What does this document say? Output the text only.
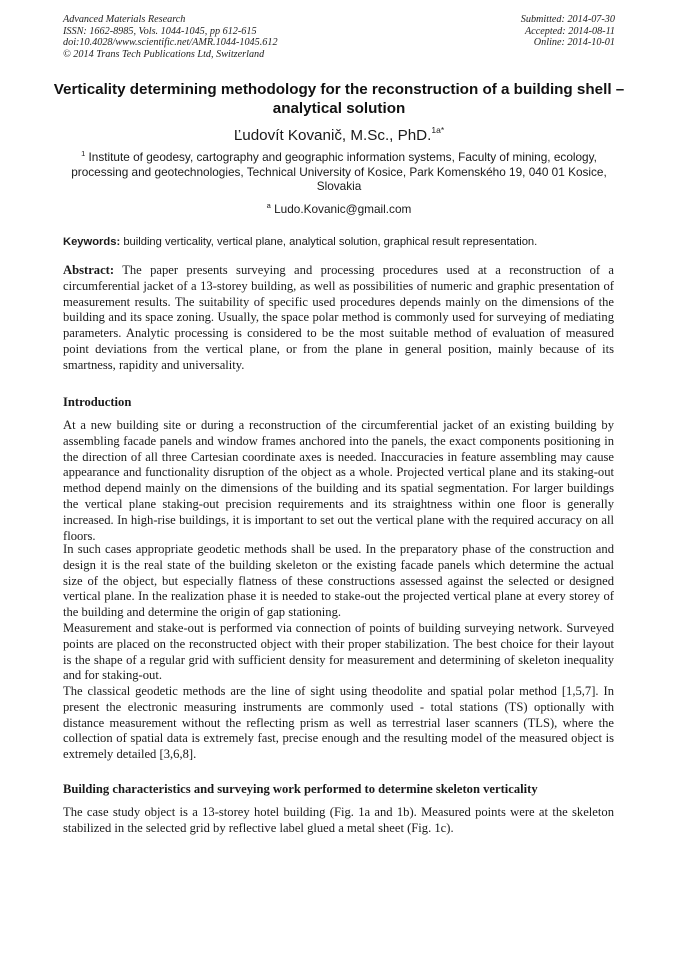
Advanced Materials Research
ISSN: 1662-8985, Vols. 1044-1045, pp 612-615
doi:10.4028/www.scientific.net/AMR.1044-1045.612
© 2014 Trans Tech Publications Ltd, Switzerland
Submitted: 2014-07-30
Accepted: 2014-08-11
Online: 2014-10-01
Verticality determining methodology for the reconstruction of a building shell – analytical solution
Ľudovít Kovanič, M.Sc., PhD.$^{1a*}$
$^1$ Institute of geodesy, cartography and geographic information systems, Faculty of mining, ecology, processing and geotechnologies, Technical University of Kosice, Park Komenského 19, 040 01 Kosice, Slovakia
$^a$ Ludo.Kovanic@gmail.com
Keywords: building verticality, vertical plane, analytical solution, graphical result representation.

Abstract: The paper presents surveying and processing procedures used at a reconstruction of a circumferential jacket of a 13-storey building, as well as possibilities of numeric and graphic presentation of measurement results. The suitability of specific used procedures depends mainly on the dimensions of the building and its space zoning. Usually, the space polar method is commonly used for surveying of mediating parameters. Analytic processing is considered to be the most suitable method of evaluation of measured point deviations from the vertical plane, or from the plane in general position, mainly because of its smartness, rapidity and universality.

Introduction

At a new building site or during a reconstruction of the circumferential jacket of an existing building by assembling facade panels and window frames anchored into the panels, the exact components positioning in the direction of all three Cartesian coordinate axes is needed. Inaccuracies in feature assembling may cause appearance and functionality disruption of the object as a whole. Projected vertical plane and its staking-out method depend mainly on the dimensions of the building and its spatial segmentation. For larger buildings the vertical plane staking-out precision requirements and its straightness within one floor is generally increased. In high-rise buildings, it is important to set out the vertical plane with the required accuracy on all floors.

In such cases appropriate geodetic methods shall be used. In the preparatory phase of the construction and design it is the real state of the building skeleton or the existing facade panels which determine the actual size of the object, but especially flatness of these constructions assessed against the selected or designed vertical plane. In the realization phase it is needed to stake-out the projected vertical plane at every storey of the building and determine the origin of gap stationing.

Measurement and stake-out is performed via connection of points of building surveying network. Surveyed points are placed on the reconstructed object with their proper stabilization. The best choice for their layout is the shape of a regular grid with sufficient density for measurement and determining of skeleton inequality and for staking-out.

The classical geodetic methods are the line of sight using theodolite and spatial polar method [1,5,7]. In present the electronic measuring instruments are commonly used - total stations (TS) optionally with distance measurement without the reflecting prism as well as terrestrial laser scanners (TLS), where the collection of spatial data is extremely fast, precise enough and the resulting model of the measured object is extremely detailed [3,6,8].

Building characteristics and surveying work performed to determine skeleton verticality

The case study object is a 13-storey hotel building (Fig. 1a and 1b). Measured points were at the skeleton stabilized in the selected grid by reflective label glued a metal sheet (Fig. 1c).
